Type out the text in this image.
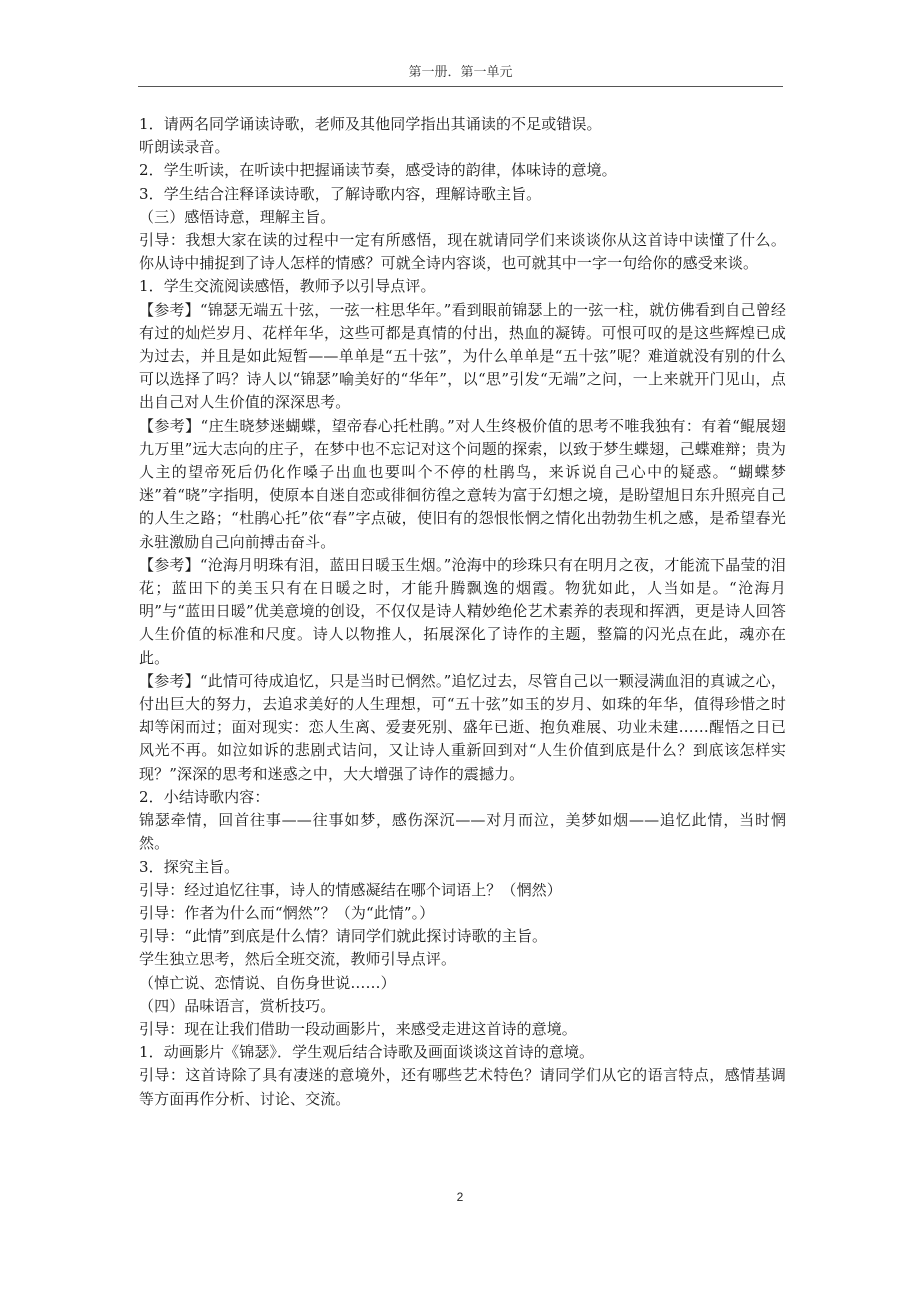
第一册．第一单元

1．请两名同学诵读诗歌，老师及其他同学指出其诵读的不足或错误。

听朗读录音。

2．学生听读，在听读中把握诵读节奏，感受诗的韵律，体味诗的意境。

3．学生结合注释译读诗歌，了解诗歌内容，理解诗歌主旨。

（三）感悟诗意，理解主旨。

引导：我想大家在读的过程中一定有所感悟，现在就请同学们来谈谈你从这首诗中读懂了什么。你从诗中捕捉到了诗人怎样的情感？可就全诗内容谈，也可就其中一字一句给你的感受来谈。

1．学生交流阅读感悟，教师予以引导点评。

【参考】“锦瑟无端五十弦，一弦一柱思华年。”看到眼前锦瑟上的一弦一柱，就仿佛看到自己曾经有过的灿烂岁月、花样年华，这些可都是真情的付出，热血的凝铸。可恨可叹的是这些辉煌已成为过去，并且是如此短暂——单单是“五十弦”，为什么单单是“五十弦”呢？难道就没有别的什么可以选择了吗？诗人以“锦瑟”喻美好的“华年”，以“思”引发“无端”之问，一上来就开门见山，点出自己对人生价值的深深思考。

【参考】“庄生晓梦迷蝴蝶，望帝春心托杜鹃。”对人生终极价值的思考不唯我独有：有着“鲲展翅九万里”远大志向的庄子，在梦中也不忘记对这个问题的探索，以致于梦生蝶翅，己蝶难辩；贵为人主的望帝死后仍化作嗓子出血也要叫个不停的杜鹃鸟，来诉说自己心中的疑惑。“蝴蝶梦迷”着“晓”字指明，使原本自迷自恋或徘徊彷徨之意转为富于幻想之境，是盼望旭日东升照亮自己的人生之路；“杜鹃心托”依“春”字点破，使旧有的怨恨怅惘之情化出勃勃生机之感，是希望春光永驻激励自己向前搏击奋斗。

【参考】“沧海月明珠有泪，蓝田日暖玉生烟。”沧海中的珍珠只有在明月之夜，才能流下晶莹的泪花；蓝田下的美玉只有在日暖之时，才能升腾飘逸的烟霞。物犹如此，人当如是。“沧海月明”与“蓝田日暖”优美意境的创设，不仅仅是诗人精妙绝伦艺术素养的表现和挥洒，更是诗人回答人生价值的标准和尺度。诗人以物推人，拓展深化了诗作的主题，整篇的闪光点在此，魂亦在此。

【参考】“此情可待成追忆，只是当时已惘然。”追忆过去，尽管自己以一颗浸满血泪的真诚之心，付出巨大的努力，去追求美好的人生理想，可“五十弦”如玉的岁月、如珠的年华，值得珍惜之时却等闲而过；面对现实：恋人生离、爱妻死别、盛年已逝、抱负难展、功业未建……醒悟之日已风光不再。如泣如诉的悲剧式诘问，又让诗人重新回到对“人生价值到底是什么？到底该怎样实现？”深深的思考和迷惑之中，大大增强了诗作的震撼力。

2．小结诗歌内容：

锦瑟牵情，回首往事——往事如梦，感伤深沉——对月而泣，美梦如烟——追忆此情，当时惘然。

3．探究主旨。

引导：经过追忆往事，诗人的情感凝结在哪个词语上？（惘然）

引导：作者为什么而“惘然”？（为“此情”。）

引导：“此情”到底是什么情？请同学们就此探讨诗歌的主旨。

学生独立思考，然后全班交流，教师引导点评。

（悼亡说、恋情说、自伤身世说……）

（四）品味语言，赏析技巧。

引导：现在让我们借助一段动画影片，来感受走进这首诗的意境。

1．动画影片《锦瑟》．学生观后结合诗歌及画面谈谈这首诗的意境。

引导：这首诗除了具有凄迷的意境外，还有哪些艺术特色？请同学们从它的语言特点，感情基调等方面再作分析、讨论、交流。

2
